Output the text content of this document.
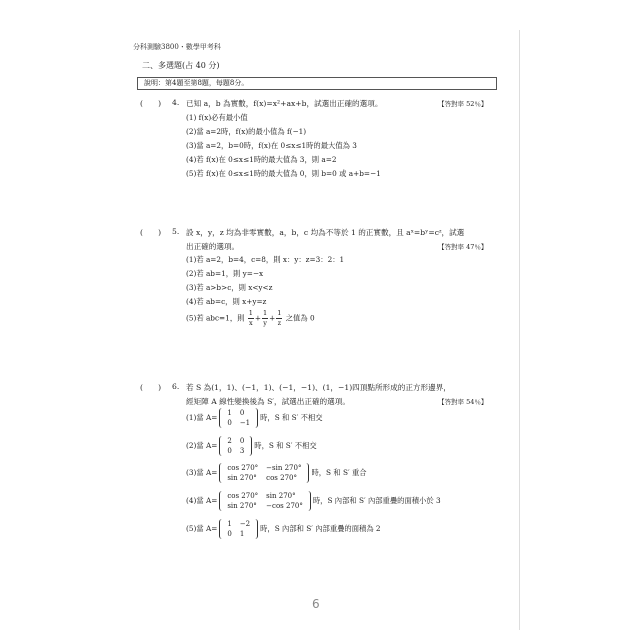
分科測驗3800・數學甲考科
二、多選題(占 40 分)
說明：第4題至第8題，每題8分。
(　　) 4. 已知 a，b 為實數，f(x)=x²+ax+b，試選出正確的選項。	【答對率 52％】
(1) f(x)必有最小值
(2)當 a=2時，f(x)的最小值為 f(−1)
(3)當 a=2，b=0時，f(x)在 0≤x≤1時的最大值為 3
(4)若 f(x)在 0≤x≤1時的最大值為 3，則 a=2
(5)若 f(x)在 0≤x≤1時的最大值為 0，則 b=0 或 a+b=−1
(　　) 5. 設 x，y，z 均為非零實數，a，b，c 均為不等於 1 的正實數，且 aˣ=bʸ=cᶻ，試選
出正確的選項。	【答對率 47％】
(1)若 a=2，b=4，c=8，則 x：y：z=3：2：1
(2)若 ab=1，則 y=−x
(3)若 a>b>c，則 x<y<z
(4)若 ab=c，則 x+y=z
(5)若 abc=1，則 $\frac{1}{x} + \frac{1}{y} + \frac{1}{z}$ 之值為 0
(　　) 6. 若 S 為(1，1)、(−1，1)、(−1，−1)、(1，−1)四頂點所形成的正方形邊界，
經矩陣 A 線性變換後為 S′，試選出正確的選項。	【答對率 54％】
(1)當 A= 1	0
0	−1
時，S 和 S′ 不相交
(2)當 A= 2	0
0	3
時，S 和 S′ 不相交
(3)當 A= cos 270°	−sin 270°
sin 270°	cos 270°
時，S 和 S′ 重合
(4)當 A= cos 270°	sin 270°
sin 270°	−cos 270°
時，S 內部和 S′ 內部重疊的面積小於 3
(5)當 A= 1	−2
0	1
時，S 內部和 S′ 內部重疊的面積為 2
6
